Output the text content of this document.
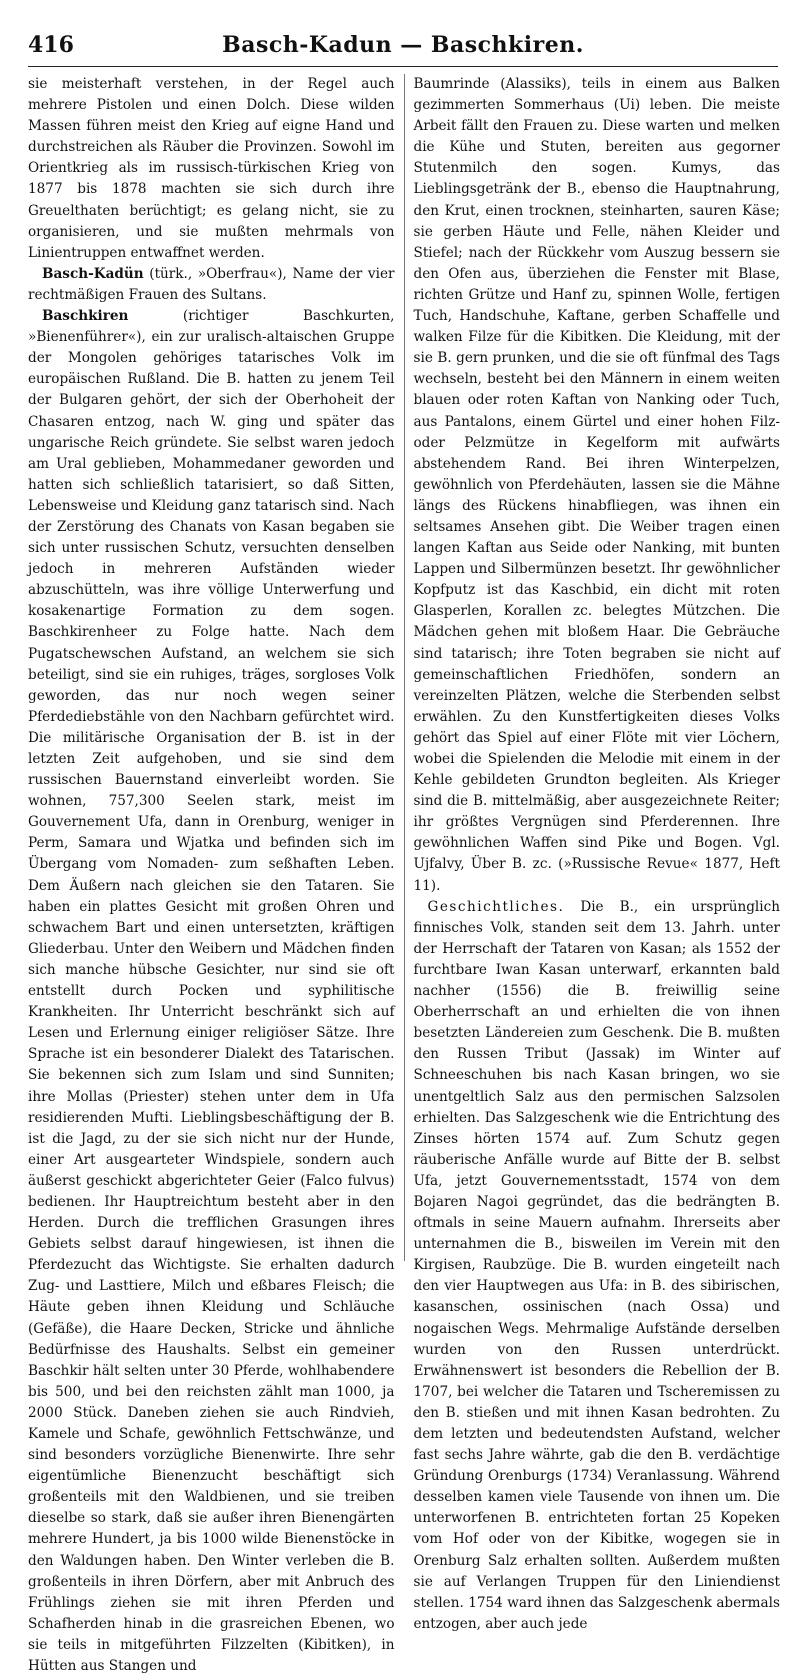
416	Basch-Kadun — Baschkiren.

sie meisterhaft verstehen, in der Regel auch mehrere Pistolen und einen Dolch. Diese wilden Massen führen meist den Krieg auf eigne Hand und durchstreichen als Räuber die Provinzen. Sowohl im Orientkrieg als im russisch-türkischen Krieg von 1877 bis 1878 machten sie sich durch ihre Greuelthaten berüchtigt; es gelang nicht, sie zu organisieren, und sie mußten mehrmals von Linientruppen entwaffnet werden.

Basch-Kadün (türk., »Oberfrau«), Name der vier rechtmäßigen Frauen des Sultans.

Baschkiren (richtiger Baschkurten, »Bienenführer«), ein zur uralisch-altaischen Gruppe der Mongolen gehöriges tatarisches Volk im europäischen Rußland. Die B. hatten zu jenem Teil der Bulgaren gehört, der sich der Oberhoheit der Chasaren entzog, nach W. ging und später das ungarische Reich gründete. Sie selbst waren jedoch am Ural geblieben, Mohammedaner geworden und hatten sich schließlich tatarisiert, so daß Sitten, Lebensweise und Kleidung ganz tatarisch sind. Nach der Zerstörung des Chanats von Kasan begaben sie sich unter russischen Schutz, versuchten denselben jedoch in mehreren Aufständen wieder abzuschütteln, was ihre völlige Unterwerfung und kosakenartige Formation zu dem sogen. Baschkirenheer zu Folge hatte. Nach dem Pugatschewschen Aufstand, an welchem sie sich beteiligt, sind sie ein ruhiges, träges, sorgloses Volk geworden, das nur noch wegen seiner Pferdediebstähle von den Nachbarn gefürchtet wird. Die militärische Organisation der B. ist in der letzten Zeit aufgehoben, und sie sind dem russischen Bauernstand einverleibt worden. Sie wohnen, 757,300 Seelen stark, meist im Gouvernement Ufa, dann in Orenburg, weniger in Perm, Samara und Wjatka und befinden sich im Übergang vom Nomaden- zum seßhaften Leben. Dem Äußern nach gleichen sie den Tataren. Sie haben ein plattes Gesicht mit großen Ohren und schwachem Bart und einen untersetzten, kräftigen Gliederbau. Unter den Weibern und Mädchen finden sich manche hübsche Gesichter, nur sind sie oft entstellt durch Pocken und syphilitische Krankheiten. Ihr Unterricht beschränkt sich auf Lesen und Erlernung einiger religiöser Sätze. Ihre Sprache ist ein besonderer Dialekt des Tatarischen. Sie bekennen sich zum Islam und sind Sunniten; ihre Mollas (Priester) stehen unter dem in Ufa residierenden Mufti. Lieblingsbeschäftigung der B. ist die Jagd, zu der sie sich nicht nur der Hunde, einer Art ausgearteter Windspiele, sondern auch äußerst geschickt abgerichteter Geier (Falco fulvus) bedienen. Ihr Hauptreichtum besteht aber in den Herden. Durch die trefflichen Grasungen ihres Gebiets selbst darauf hingewiesen, ist ihnen die Pferdezucht das Wichtigste. Sie erhalten dadurch Zug- und Lasttiere, Milch und eßbares Fleisch; die Häute geben ihnen Kleidung und Schläuche (Gefäße), die Haare Decken, Stricke und ähnliche Bedürfnisse des Haushalts. Selbst ein gemeiner Baschkir hält selten unter 30 Pferde, wohlhabendere bis 500, und bei den reichsten zählt man 1000, ja 2000 Stück. Daneben ziehen sie auch Rindvieh, Kamele und Schafe, gewöhnlich Fettschwänze, und sind besonders vorzügliche Bienenwirte. Ihre sehr eigentümliche Bienenzucht beschäftigt sich großenteils mit den Waldbienen, und sie treiben dieselbe so stark, daß sie außer ihren Bienengärten mehrere Hundert, ja bis 1000 wilde Bienenstöcke in den Waldungen haben. Den Winter verleben die B. großenteils in ihren Dörfern, aber mit Anbruch des Frühlings ziehen sie mit ihren Pferden und Schafherden hinab in die grasreichen Ebenen, wo sie teils in mitgeführten Filzzelten (Kibitken), in Hütten aus Stangen und

Baumrinde (Alassiks), teils in einem aus Balken gezimmerten Sommerhaus (Ui) leben. Die meiste Arbeit fällt den Frauen zu. Diese warten und melken die Kühe und Stuten, bereiten aus gegorner Stutenmilch den sogen. Kumys, das Lieblingsgetränk der B., ebenso die Hauptnahrung, den Krut, einen trocknen, steinharten, sauren Käse; sie gerben Häute und Felle, nähen Kleider und Stiefel; nach der Rückkehr vom Auszug bessern sie den Ofen aus, überziehen die Fenster mit Blase, richten Grütze und Hanf zu, spinnen Wolle, fertigen Tuch, Handschuhe, Kaftane, gerben Schaffelle und walken Filze für die Kibitken. Die Kleidung, mit der sie B. gern prunken, und die sie oft fünfmal des Tags wechseln, besteht bei den Männern in einem weiten blauen oder roten Kaftan von Nanking oder Tuch, aus Pantalons, einem Gürtel und einer hohen Filz- oder Pelzmütze in Kegelform mit aufwärts abstehendem Rand. Bei ihren Winterpelzen, gewöhnlich von Pferdehäuten, lassen sie die Mähne längs des Rückens hinabfliegen, was ihnen ein seltsames Ansehen gibt. Die Weiber tragen einen langen Kaftan aus Seide oder Nanking, mit bunten Lappen und Silbermünzen besetzt. Ihr gewöhnlicher Kopfputz ist das Kaschbid, ein dicht mit roten Glasperlen, Korallen zc. belegtes Mützchen. Die Mädchen gehen mit bloßem Haar. Die Gebräuche sind tatarisch; ihre Toten begraben sie nicht auf gemeinschaftlichen Friedhöfen, sondern an vereinzelten Plätzen, welche die Sterbenden selbst erwählen. Zu den Kunstfertigkeiten dieses Volks gehört das Spiel auf einer Flöte mit vier Löchern, wobei die Spielenden die Melodie mit einem in der Kehle gebildeten Grundton begleiten. Als Krieger sind die B. mittelmäßig, aber ausgezeichnete Reiter; ihr größtes Vergnügen sind Pferderennen. Ihre gewöhnlichen Waffen sind Pike und Bogen. Vgl. Ujfalvy, Über B. zc. (»Russische Revue« 1877, Heft 11).

Geschichtliches. Die B., ein ursprünglich finnisches Volk, standen seit dem 13. Jahrh. unter der Herrschaft der Tataren von Kasan; als 1552 der furchtbare Iwan Kasan unterwarf, erkannten bald nachher (1556) die B. freiwillig seine Oberherrschaft an und erhielten die von ihnen besetzten Ländereien zum Geschenk. Die B. mußten den Russen Tribut (Jassak) im Winter auf Schneeschuhen bis nach Kasan bringen, wo sie unentgeltlich Salz aus den permischen Salzsolen erhielten. Das Salzgeschenk wie die Entrichtung des Zinses hörten 1574 auf. Zum Schutz gegen räuberische Anfälle wurde auf Bitte der B. selbst Ufa, jetzt Gouvernementsstadt, 1574 von dem Bojaren Nagoi gegründet, das die bedrängten B. oftmals in seine Mauern aufnahm. Ihrerseits aber unternahmen die B., bisweilen im Verein mit den Kirgisen, Raubzüge. Die B. wurden eingeteilt nach den vier Hauptwegen aus Ufa: in B. des sibirischen, kasanschen, ossinischen (nach Ossa) und nogaischen Wegs. Mehrmalige Aufstände derselben wurden von den Russen unterdrückt. Erwähnenswert ist besonders die Rebellion der B. 1707, bei welcher die Tataren und Tscheremissen zu den B. stießen und mit ihnen Kasan bedrohten. Zu dem letzten und bedeutendsten Aufstand, welcher fast sechs Jahre währte, gab die den B. verdächtige Gründung Orenburgs (1734) Veranlassung. Während desselben kamen viele Tausende von ihnen um. Die unterworfenen B. entrichteten fortan 25 Kopeken vom Hof oder von der Kibitke, wogegen sie in Orenburg Salz erhalten sollten. Außerdem mußten sie auf Verlangen Truppen für den Liniendienst stellen. 1754 ward ihnen das Salzgeschenk abermals entzogen, aber auch jede
